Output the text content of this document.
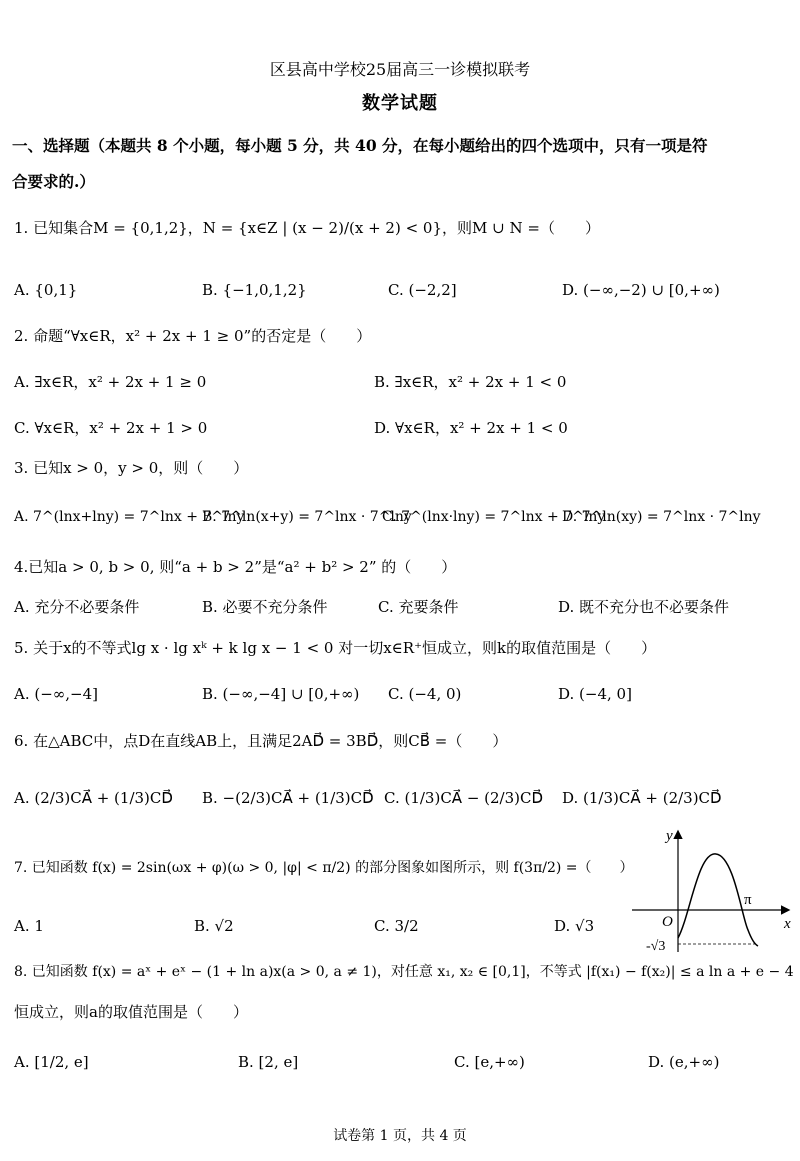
区县高中学校25届高三一诊模拟联考
数学试题
一、选择题（本题共 8 个小题，每小题 5 分，共 40 分，在每小题给出的四个选项中，只有一项是符
合要求的.）
1. 已知集合M = {0,1,2}，N = {x∈Z | (x − 2)/(x + 2) < 0}，则M ∪ N =（　　）
A. {0,1}	B. {−1,0,1,2}	C. (−2,2]	D. (−∞,−2) ∪ [0,+∞)
2. 命题“∀x∈R，x² + 2x + 1 ≥ 0”的否定是（　　）
A. ∃x∈R，x² + 2x + 1 ≥ 0	B. ∃x∈R，x² + 2x + 1 < 0
C. ∀x∈R，x² + 2x + 1 > 0	D. ∀x∈R，x² + 2x + 1 < 0
3. 已知x > 0，y > 0，则（　　）
A. 7^(lnx+lny) = 7^lnx + 7^lny
B. 7^ln(x+y) = 7^lnx · 7^lny
C. 7^(lnx·lny) = 7^lnx + 7^lny
D. 7^ln(xy) = 7^lnx · 7^lny
4.已知a > 0, b > 0, 则“a + b > 2”是“a² + b² > 2” 的（　　）
A. 充分不必要条件	B. 必要不充分条件	C. 充要条件	D. 既不充分也不必要条件
5. 关于x的不等式lg x · lg xᵏ + k lg x − 1 < 0 对一切x∈R⁺恒成立，则k的取值范围是（　　）
A. (−∞,−4]	B. (−∞,−4] ∪ [0,+∞) C. (−4, 0)	D. (−4, 0]
6. 在△ABC中，点D在直线AB上，且满足2AD⃗ = 3BD⃗，则CB⃗ =（　　）
A. (2/3)CA⃗ + (1/3)CD⃗ B. −(2/3)CA⃗ + (1/3)CD⃗ C. (1/3)CA⃗ − (2/3)CD⃗ D. (1/3)CA⃗ + (2/3)CD⃗
7. 已知函数 f(x) = 2sin(ωx + φ)(ω > 0, |φ| < π/2) 的部分图象如图所示，则 f(3π/2) =（　　）
A. 1	B. √2	C. 3/2	D. √3
y
x
O
π
-√3
8. 已知函数 f(x) = aˣ + eˣ − (1 + ln a)x(a > 0, a ≠ 1)，对任意 x₁, x₂ ∈ [0,1]，不等式 |f(x₁) − f(x₂)| ≤ a ln a + e − 4
恒成立，则a的取值范围是（　　）
A. [1/2, e]	B. [2, e]	C. [e,+∞)	D. (e,+∞)
试卷第 1 页，共 4 页
